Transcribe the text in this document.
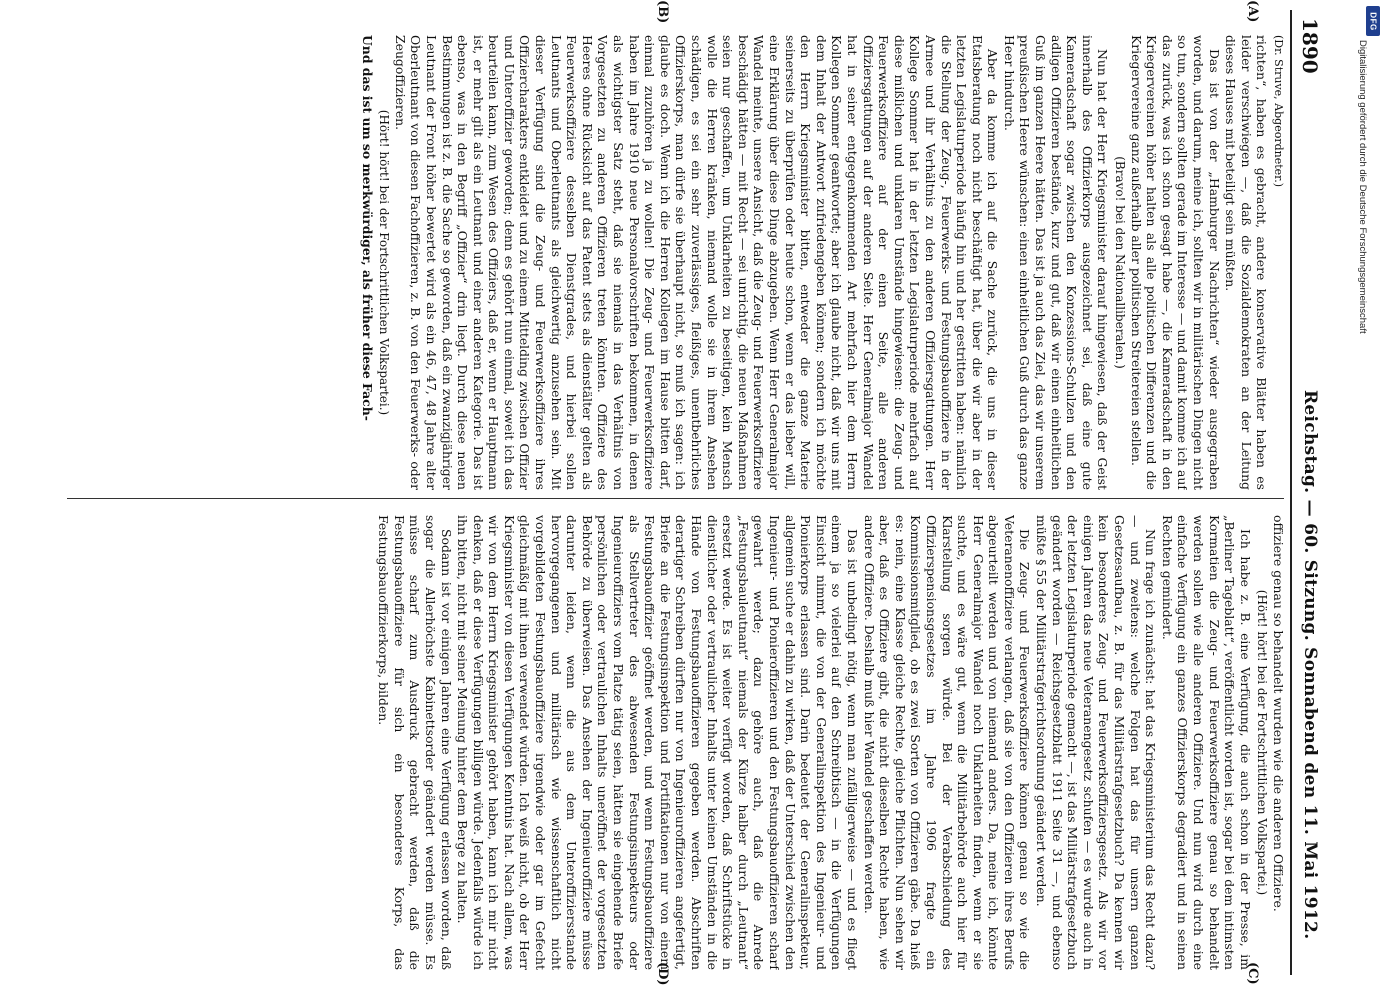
1890
Reichstag. — 60. Sitzung. Sonnabend den 11. Mai 1912.
(A)
(B)
(C)
(D)

(Dr. Struve, Abgeordneter.)

richten“, haben es gebracht, andere konservative Blätter haben es leider verschwiegen —, daß die Sozialdemokraten an der Leitung dieses Hauses mit beteiligt sein müßten.

Das ist von der „Hamburger Nachrichten“ wieder ausgegraben worden, und darum, meine ich, sollten wir in militärischen Dingen nicht so tun, sondern sollten gerade im Interesse — und damit komme ich auf das zurück, was ich schon gesagt habe —, die Kameradschaft in den Kriegervereinen höher halten als alle politischen Differenzen und die Kriegervereine ganz außerhalb aller politischen Streitereien stellen.

(Bravo! bei den Nationalliberalen.)

Nun hat der Herr Kriegsminister darauf hingewiesen, daß der Geist innerhalb des Offizierkorps ausgezeichnet sei, daß eine gute Kameradschaft sogar zwischen den Konzessions-Schulzen und den adligen Offizieren bestände, kurz und gut, daß wir einen einheitlichen Guß im ganzen Heere hätten. Das ist ja auch das Ziel, das wir unserem preußischen Heere wünschen: einen einheitlichen Guß durch das ganze Heer hindurch.

Aber da komme ich auf die Sache zurück, die uns in dieser Etatsberatung noch nicht beschäftigt hat, über die wir aber in der letzten Legislaturperiode häufig hin und her gestritten haben: nämlich die Stellung der Zeug-, Feuerwerks- und Festungsbauoffiziere in der Armee und ihr Verhältnis zu den anderen Offiziersgattungen. Herr Kollege Sommer hat in der letzten Legislaturperiode mehrfach auf diese mißlichen und unklaren Umstände hingewiesen: die Zeug- und Feuerwerksoffiziere auf der einen Seite, alle anderen Offiziersgattungen auf der anderen Seite. Herr Generalmajor Wandel hat in seiner entgegenkommenden Art mehrfach hier dem Herrn Kollegen Sommer geantwortet; aber ich glaube nicht, daß wir uns mit dem Inhalt der Antwort zufriedengeben können; sondern ich möchte den Herrn Kriegsminister bitten, entweder die ganze Materie seinerseits zu überprüfen oder heute schon, wenn er das lieber will, eine Erklärung über diese Dinge abzugeben. Wenn Herr Generalmajor Wandel meinte, unsere Ansicht, daß die Zeug- und Feuerwerksoffiziere beschädigt hätten — mit Recht — sei unrichtig, die neuen Maßnahmen seien nur geschaffen, um Unklarheiten zu beseitigen, kein Mensch wolle die Herren kränken, niemand wolle sie in ihrem Ansehen schädigen, es sei ein sehr zuverlässiges, fleißiges, unentbehrliches Offizierskorps, man dürfe sie überhaupt nicht, so muß ich sagen: ich glaube es doch. Wenn ich die Herren Kollegen im Hause bitten darf, einmal zuzuhören ja zu wollen! Die Zeug- und Feuerwerksoffiziere haben im Jahre 1910 neue Personalvorschriften bekommen, in denen als wichtigster Satz steht, daß sie niemals in das Verhältnis von Vorgesetzten zu anderen Offizieren treten könnten. Offiziere des Heeres ohne Rücksicht auf das Patent stets als dienstälter gelten als Feuerwerksoffiziere desselben Dienstgrades, und hierbei sollen Leutnants und Oberleutnants als gleichwertig anzusehen sein. Mit dieser Verfügung sind die Zeug- und Feuerwerksoffiziere ihres Offiziercharakters entkleidet und zu einem Mittelding zwischen Offizier und Unteroffizier geworden; denn es gehört nun einmal, soweit ich das beurteilen kann, zum Wesen des Offiziers, daß er, wenn er Hauptmann ist, er mehr gilt als ein Leutnant und einer anderen Kategorie. Das ist ebenso, was in den Begriff „Offizier“ drin liegt. Durch diese neuen Bestimmungen ist z. B. die Sache so geworden, daß ein zwanzigjähriger Leutnant der Front höher bewertet wird als ein 46, 47, 48 Jahre alter Oberleutnant von diesen Fachoffizieren, z. B. von den Feuerwerks- oder Zeugoffizieren.

(Hört! hört! bei der Fortschrittlichen Volkspartei.)

Und das ist um so merkwürdiger, als früher diese Fach-

offiziere genau so behandelt wurden wie die anderen Offiziere.

(Hört! hört! bei der Fortschrittlichen Volkspartei.)

Ich habe z. B. eine Verfügung, die auch schon in der Presse, im „Berliner Tageblatt“, veröffentlicht worden ist, sogar bei dem intimsten Kormatien die Zeug- und Feuerwerksoffiziere genau so behandelt werden sollen wie alle anderen Offiziere. Und nun wird durch eine einfache Verfügung ein ganzes Offizierskorps degradiert und in seinen Rechten gemindert.

Nun frage ich zunächst: hat das Kriegsministerium das Recht dazu? — und zweitens: welche Folgen hat das für unsern ganzen Gesetzesaufbau, z. B. für das Militärstrafgesetzbuch? Da kennen wir kein besonderes Zeug- und Feuerwerksoffiziersgesetz. Als wir vor einigen Jahren das neue Veteranengesetz schufen — es wurde auch in der letzten Legislaturperiode gemacht —, ist das Militärstrafgesetzbuch geändert worden — Reichsgesetzblatt 1911 Seite 31 —, und ebenso müßte § 55 der Militärstrafgerichtsordnung geändert werden.

Die Zeug- und Feuerwerksoffiziere können genau so wie die Veteranenoffiziere verlangen, daß sie von den Offizieren ihres Berufs abgeurteilt werden und von niemand anders. Da, meine ich, könnte Herr Generalmajor Wandel noch Unklarheiten finden, wenn er sie suchte, und es wäre gut, wenn die Militärbehörde auch hier für Klarstellung sorgen würde. Bei der Verabschiedung des Offizierspensionsgesetzes im Jahre 1906 fragte ein Kommissionsmitglied, ob es zwei Sorten von Offizieren gäbe. Da hieß es: nein, eine Klasse gleiche Rechte, gleiche Pflichten. Nun sehen wir aber, daß es Offiziere gibt, die nicht dieselben Rechte haben, wie andere Offiziere. Deshalb muß hier Wandel geschaffen werden.

Das ist unbedingt nötig, wenn man zufälligerweise — und es fliegt einem ja so vielerlei auf den Schreibtisch — in die Verfügungen Einsicht nimmt, die von der Generalinspektion des Ingenieur- und Pionierkorps erlassen sind. Darin bedeutet der Generalinspekteur, allgemein suche er dahin zu wirken, daß der Unterschied zwischen den Ingenieur- und Pionieroffizieren und den Festungsbauoffizieren scharf gewahrt werde; dazu gehöre auch, daß die Anrede „Festungsbauleutnant“ niemals der Kürze halber durch „Leutnant“ ersetzt werde. Es ist weiter verfügt worden, daß Schriftstücke in dienstlicher oder vertraulicher Inhalts unter keinen Umständen in die Hände von Festungsbauoffizieren gegeben werden. Abschriften derartiger Schreiben dürften nur von Ingenieuroffizieren angefertigt, Briefe an die Festungsinspektion und Fortifikationen nur von einem Festungsbauoffizier geöffnet werden, und wenn Festungsbauoffiziere als Stellvertreter des abwesenden Festungsinspekteurs oder Ingenieuroffiziers vom Platze tätig seien, hätten sie eingehende Briefe persönlichen oder vertraulichen Inhalts uneröffnet der vorgesetzten Behörde zu überweisen. Das Ansehen der Ingenieuroffiziere müsse darunter leiden, wenn die aus dem Unteroffiziersstande hervorgegangenen und militärisch wie wissenschaftlich nicht vorgebildeten Festungsbauoffiziere irgendwie oder gar im Gefecht gleichmäßig mit ihnen verwendet würden. Ich weiß nicht, ob der Herr Kriegsminister von diesen Verfügungen Kenntnis hat. Nach allem, was wir von dem Herrn Kriegsminister gehört haben, kann ich mir nicht denken, daß er diese Verfügungen billigen würde. Jedenfalls würde ich ihn bitten, nicht mit seiner Meinung hinter dem Berge zu halten.

Sodann ist vor einigen Jahren eine Verfügung erlassen worden, daß sogar die Allerhöchste Kabinettsorder geändert werden müsse. Es müsse scharf zum Ausdruck gebracht werden, daß die Festungsbauoffiziere für sich ein besonderes Korps, das Festungsbauoffizierkorps, bilden.

Digitalisierung gefördert durch die Deutsche Forschungsgemeinschaft
DFG
